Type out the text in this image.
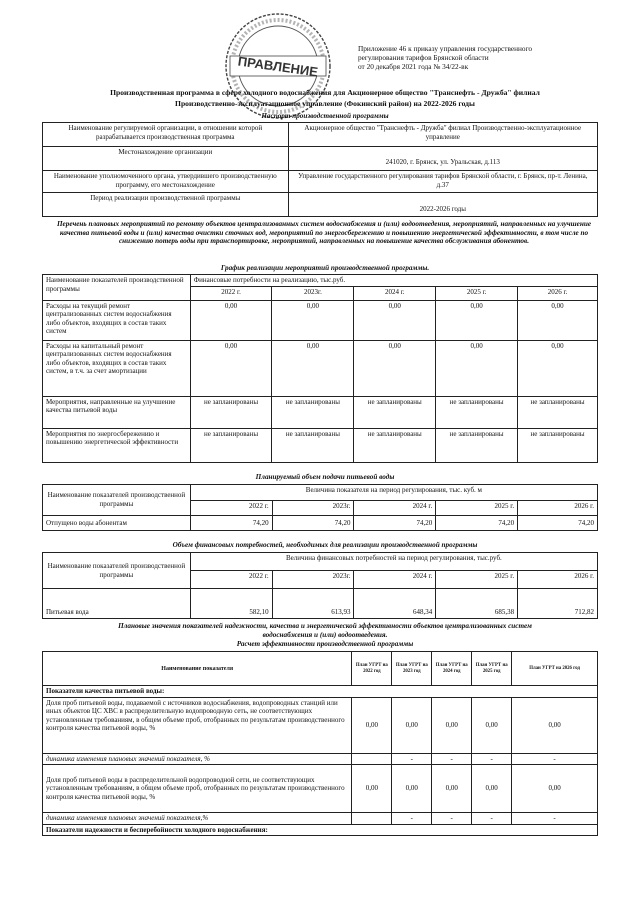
ПРАВЛЕНИЕ
Приложение 46 к приказу управления государственного
регулирования тарифов Брянской области
от 20 декабря 2021 года № 34/22-вк
Производственная программа в сфере холодного водоснабжения для Акционерное общество "Транснефть - Дружба" филиал
Производственно-эксплуатационное управление (Фокинский район) на 2022-2026 годы
Паспорт производственной программы
Наименование регулируемой организации, в отношении которой разрабатывается производственная программа	Акционерное общество "Транснефть - Дружба" филиал Производственно-эксплуатационное управление
Местонахождение организации	241020, г. Брянск, ул. Уральская, д.113
Наименование уполномоченного органа, утвердившего производственную программу, его местонахождение	Управление государственного регулирования тарифов Брянской области, г. Брянск, пр-т. Ленина, д.37
Период реализации производственной программы	2022-2026 годы
Перечень плановых мероприятий по ремонту объектов централизованных систем водоснабжения и (или) водоотведения, мероприятий, направленных на улучшение качества питьевой воды и (или) качества очистки сточных вод, мероприятий по энергосбережению и повышению энергетической эффективности, в том числе по снижению потерь воды при транспортировке, мероприятий, направленных на повышение качества обслуживания абонентов.
График реализации мероприятий производственной программы.
Наименование показателей производственной программы	Финансовые потребности на реализацию, тыс.руб.				
	2022 г.	2023г.	2024 г.	2025 г.	2026 г.
Расходы на текущий ремонт централизованных систем водоснабжения либо объектов, входящих в состав таких систем	0,00	0,00	0,00	0,00	0,00
Расходы на капитальный ремонт централизованных систем водоснабжения либо объектов, входящих в состав таких систем, в т.ч. за счет амортизации	0,00	0,00	0,00	0,00	0,00
Мероприятия, направленные на улучшение качества питьевой воды	не запланированы	не запланированы	не запланированы	не запланированы	не запланированы
Мероприятия по энергосбережению и повышению энергетической эффективности	не запланированы	не запланированы	не запланированы	не запланированы	не запланированы
Планируемый объем подачи питьевой воды
Наименование показателей производственной программы	Величина показателя на период регулирования, тыс. куб. м				
	2022 г.	2023г.	2024 г.	2025 г.	2026 г.
Отпущено воды абонентам	74,20	74,20	74,20	74,20	74,20
Объем финансовых потребностей, необходимых для реализации производственной программы
Наименование показателей производственной программы	Величина финансовых потребностей на период регулирования, тыс.руб.				
	2022 г.	2023г.	2024 г.	2025 г.	2026 г.
Питьевая вода	582,10	613,93	648,34	685,38	712,82
Плановые значения показателей надежности, качества и энергетической эффективности объектов централизованных систем
водоснабжения и (или) водоотведения.
Расчет эффективности производственной программы
Наименование показателя	План УГРТ на 2022 год	План УГРТ на 2023 год	План УГРТ на 2024 год	План УГРТ на 2025 год	План УГРТ на 2026 год
Показатели качества питьевой воды:					
Доля проб питьевой воды, подаваемой с источников водоснабжения, водопроводных станций или иных объектов ЦС ХВС в распределительную водопроводную сеть, не соответствующих установленным требованиям, в общем объеме проб, отобранных по результатам производственного контроля качества питьевой воды, %	0,00	0,00	0,00	0,00	0,00
динамика изменения плановых значений показателя, %		-	-	-	-
Доля проб питьевой воды в распределительной водопроводной сети, не соответствующих установленным требованиям, в общем объеме проб, отобранных по результатам производственного контроля качества питьевой воды, %	0,00	0,00	0,00	0,00	0,00
динамика изменения плановых значений показателя,%		-	-	-	-
Показатели надежности и бесперебойности холодного водоснабжения:					
